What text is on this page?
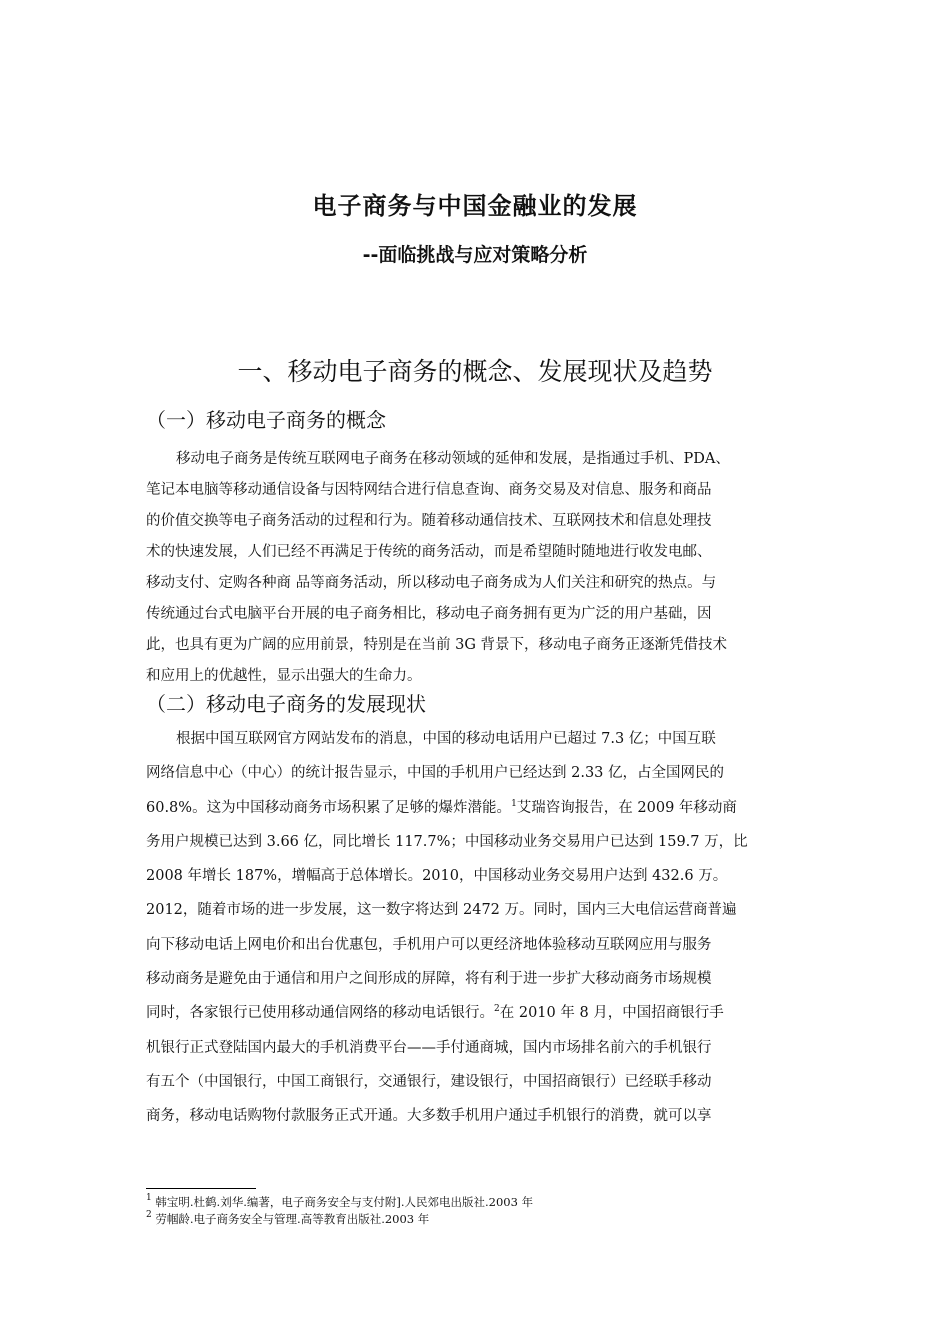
电子商务与中国金融业的发展
--面临挑战与应对策略分析
一、移动电子商务的概念、发展现状及趋势
（一）移动电子商务的概念
移动电子商务是传统互联网电子商务在移动领域的延伸和发展，是指通过手机、PDA、
笔记本电脑等移动通信设备与因特网结合进行信息查询、商务交易及对信息、服务和商品
的价值交换等电子商务活动的过程和行为。随着移动通信技术、互联网技术和信息处理技
术的快速发展，人们已经不再满足于传统的商务活动，而是希望随时随地进行收发电邮、
移动支付、定购各种商 品等商务活动，所以移动电子商务成为人们关注和研究的热点。与
传统通过台式电脑平台开展的电子商务相比，移动电子商务拥有更为广泛的用户基础，因
此，也具有更为广阔的应用前景，特别是在当前 3G 背景下，移动电子商务正逐渐凭借技术
和应用上的优越性，显示出强大的生命力。
（二）移动电子商务的发展现状
根据中国互联网官方网站发布的消息，中国的移动电话用户已超过 7.3 亿；中国互联
网络信息中心（中心）的统计报告显示，中国的手机用户已经达到 2.33 亿，占全国网民的
60.8%。这为中国移动商务市场积累了足够的爆炸潜能。$^1$艾瑞咨询报告，在 2009 年移动商
务用户规模已达到 3.66 亿，同比增长 117.7%；中国移动业务交易用户已达到 159.7 万，比
2008 年增长 187%，增幅高于总体增长。2010，中国移动业务交易用户达到 432.6 万。
2012，随着市场的进一步发展，这一数字将达到 2472 万。同时，国内三大电信运营商普遍
向下移动电话上网电价和出台优惠包，手机用户可以更经济地体验移动互联网应用与服务
移动商务是避免由于通信和用户之间形成的屏障，将有利于进一步扩大移动商务市场规模
同时，各家银行已使用移动通信网络的移动电话银行。$^2$在 2010 年 8 月，中国招商银行手
机银行正式登陆国内最大的手机消费平台——手付通商城，国内市场排名前六的手机银行
有五个（中国银行，中国工商银行，交通银行，建设银行，中国招商银行）已经联手移动
商务，移动电话购物付款服务正式开通。大多数手机用户通过手机银行的消费，就可以享
$^1$ 韩宝明.杜鹤.刘华.编著，电子商务安全与支付附].人民郊电出版社.2003 年
$^2$ 劳帼龄.电子商务安全与管理.高等教育出版社.2003 年
